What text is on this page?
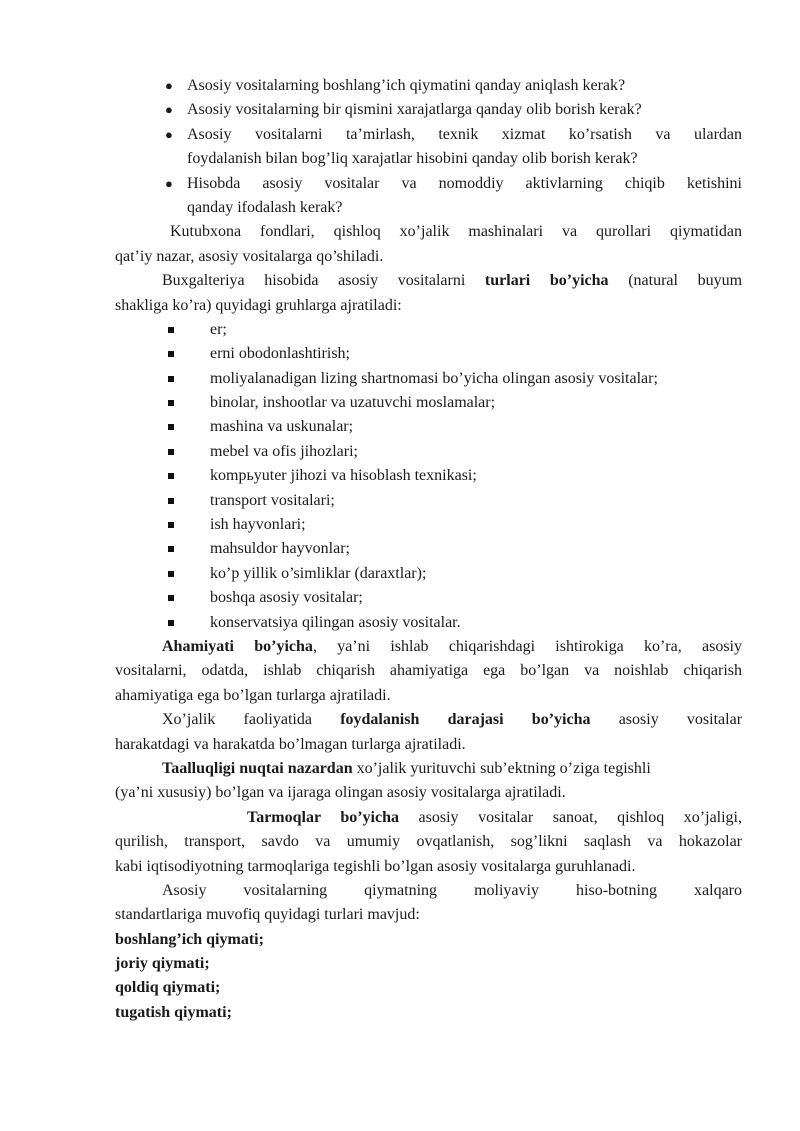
● Asosiy vositalarning boshlang’ich qiymatini qanday aniqlash kerak?
● Asosiy vositalarning bir qismini xarajatlarga qanday olib borish kerak?
● Asosiy vositalarni ta’mirlash, texnik xizmat ko’rsatish va ulardan
foydalanish bilan bog’liq xarajatlar hisobini qanday olib borish kerak?
● Hisobda asosiy vositalar va nomoddiy aktivlarning chiqib ketishini
qanday ifodalash kerak?
Kutubxona fondlari, qishloq xo’jalik mashinalari va qurollari qiymatidan
qat’iy nazar, asosiy vositalarga qo’shiladi.
Buxgalteriya hisobida asosiy vositalarni turlari bo’yicha (natural buyum
shakliga ko’ra) quyidagi gruhlarga ajratiladi:
er;
erni obodonlashtirish;
moliyalanadigan lizing shartnomasi bo’yicha olingan asosiy vositalar;
binolar, inshootlar va uzatuvchi moslamalar;
mashina va uskunalar;
mebel va ofis jihozlari;
kompьyuter jihozi va hisoblash texnikasi;
transport vositalari;
ish hayvonlari;
mahsuldor hayvonlar;
ko’p yillik o’simliklar (daraxtlar);
boshqa asosiy vositalar;
konservatsiya qilingan asosiy vositalar.
Ahamiyati bo’yicha, ya’ni ishlab chiqarishdagi ishtirokiga ko’ra, asosiy
vositalarni, odatda, ishlab chiqarish ahamiyatiga ega bo’lgan va noishlab chiqarish
ahamiyatiga ega bo’lgan turlarga ajratiladi.
Xo’jalik faoliyatida foydalanish darajasi bo’yicha asosiy vositalar
harakatdagi va harakatda bo’lmagan turlarga ajratiladi.
Taalluqligi nuqtai nazardan xo’jalik yurituvchi sub’ektning o’ziga tegishli
(ya’ni xususiy) bo’lgan va ijaraga olingan asosiy vositalarga ajratiladi.
Tarmoqlar bo’yicha asosiy vositalar sanoat, qishloq xo’jaligi,
qurilish, transport, savdo va umumiy ovqatlanish, sog’likni saqlash va hokazolar
kabi iqtisodiyotning tarmoqlariga tegishli bo’lgan asosiy vositalarga guruhlanadi.
Asosiy vositalarning qiymatning moliyaviy hiso-botning xalqaro
standartlariga muvofiq quyidagi turlari mavjud:
boshlang’ich qiymati;
joriy qiymati;
qoldiq qiymati;
tugatish qiymati;
